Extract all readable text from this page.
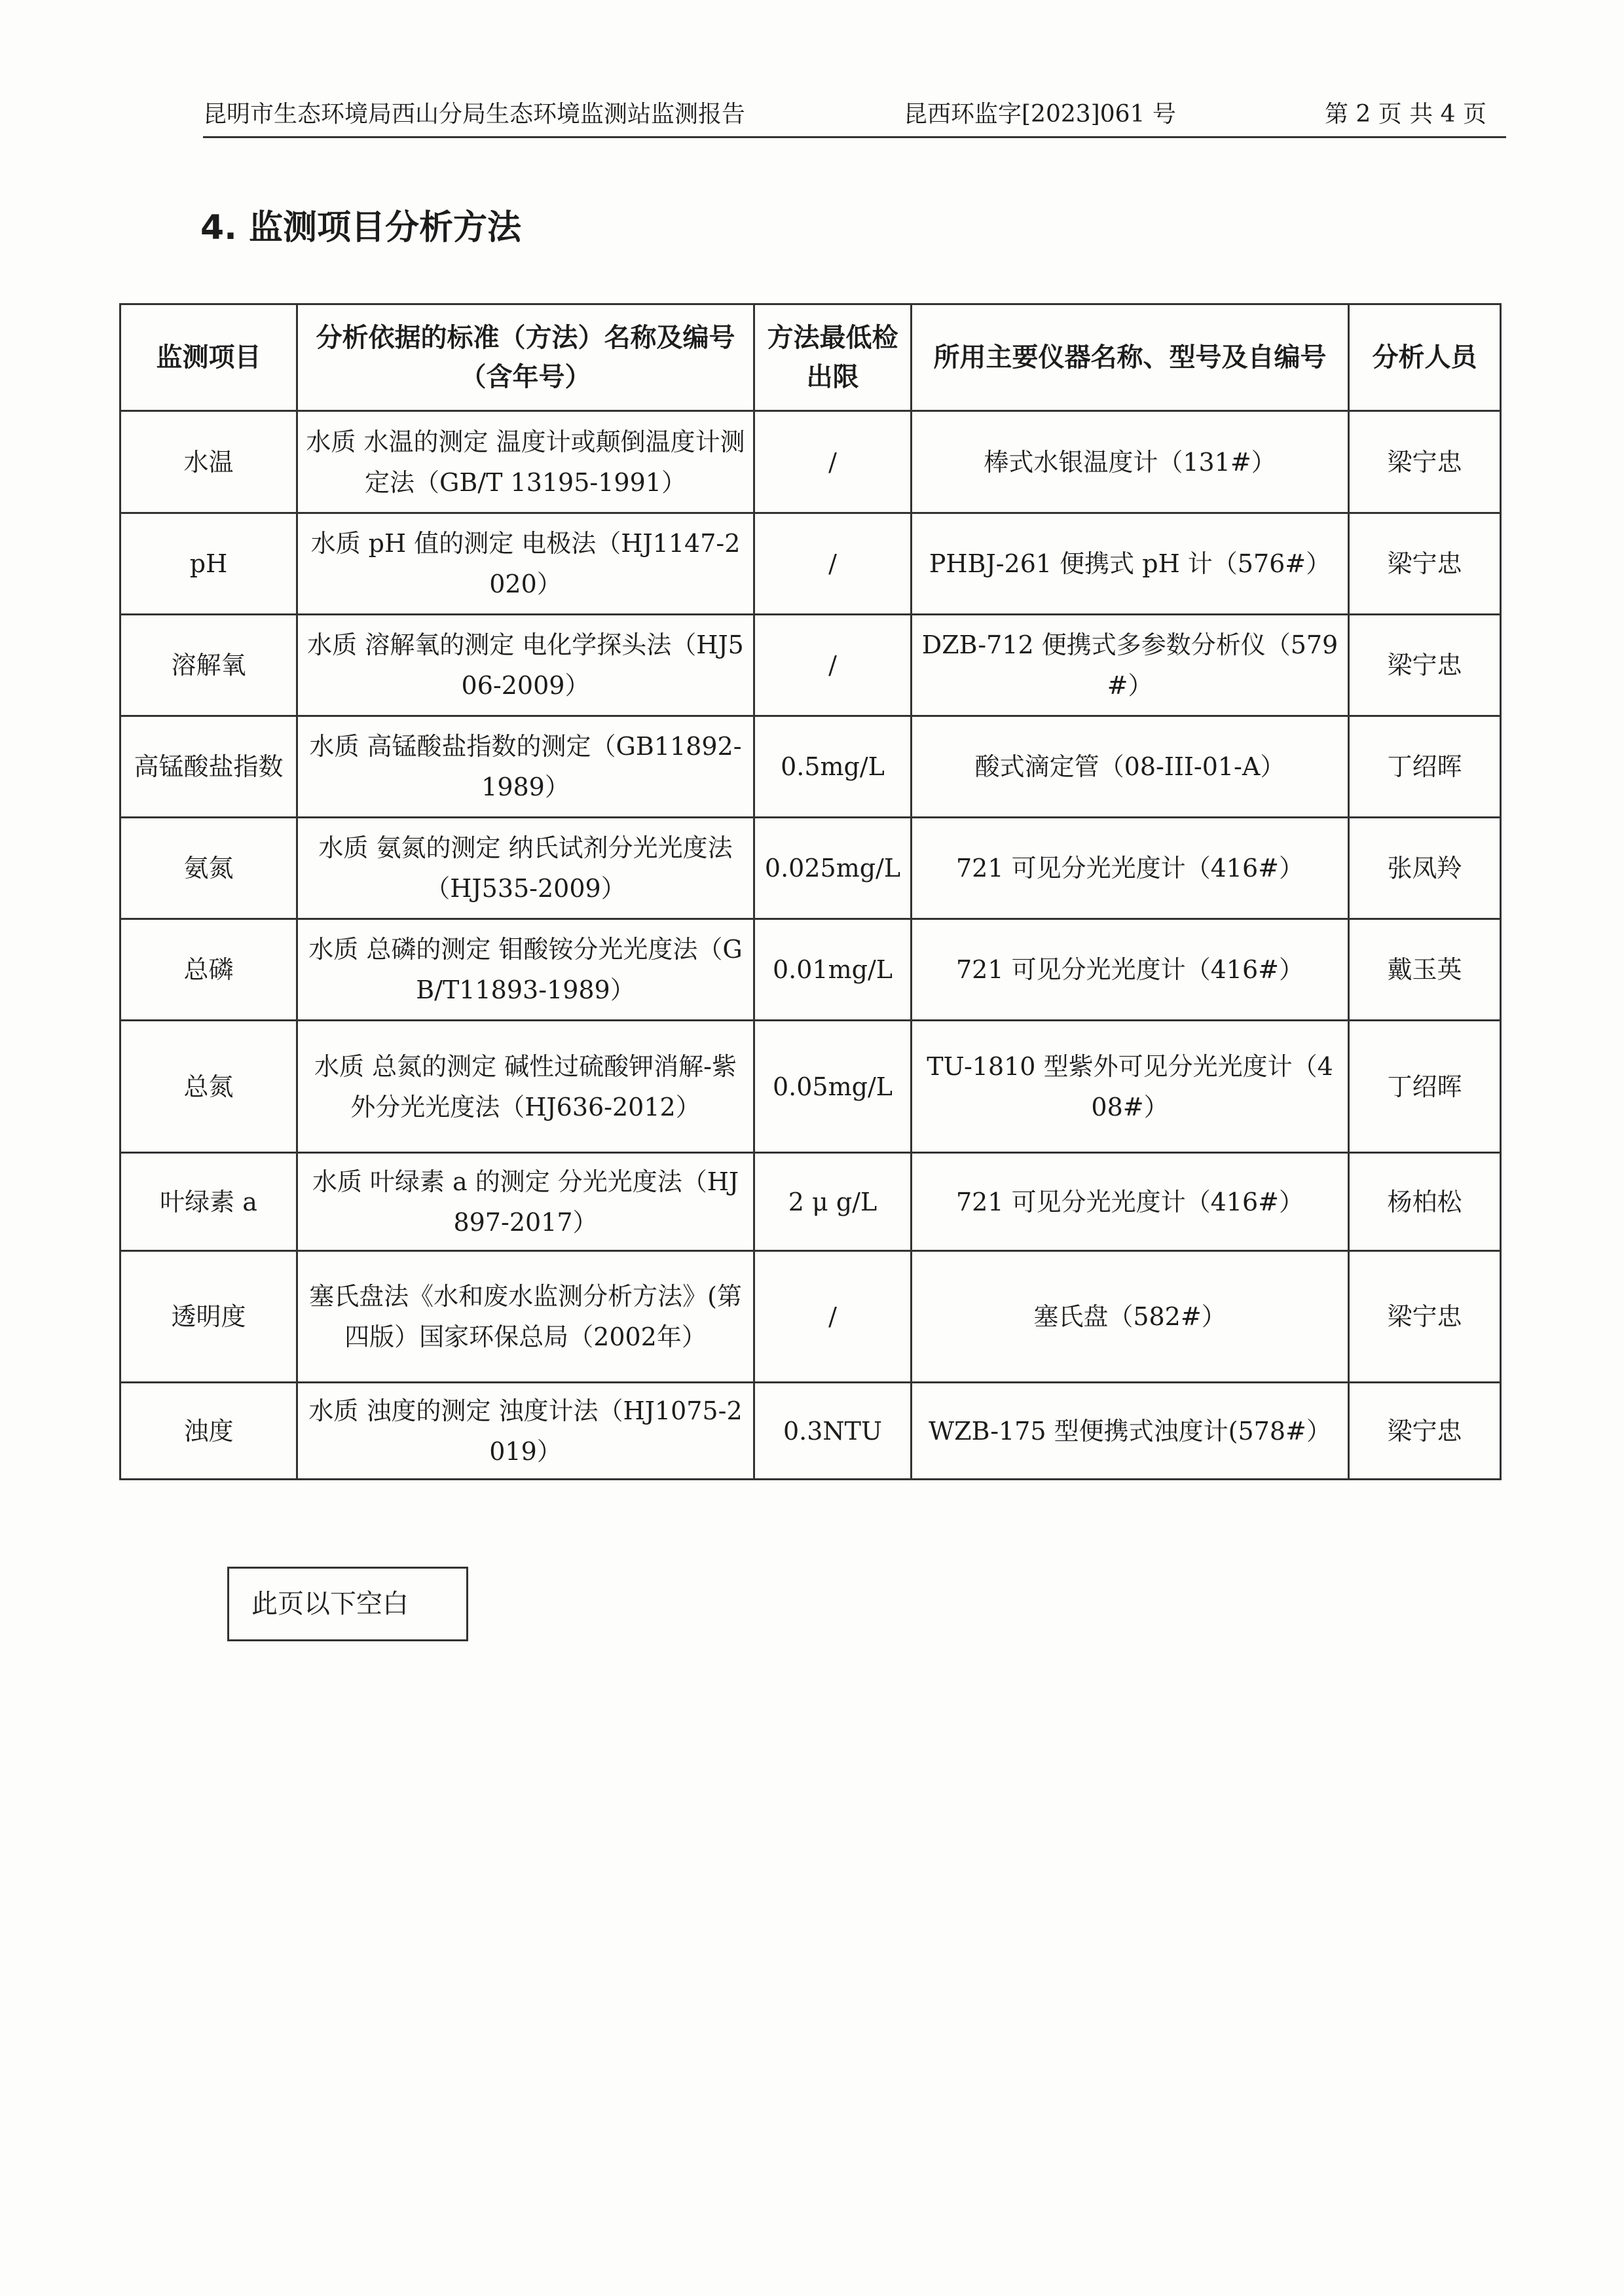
昆明市生态环境局西山分局生态环境监测站监测报告	昆西环监字[2023]061 号	第 2 页 共 4 页
4. 监测项目分析方法
监测项目	分析依据的标准（方法）名称及编号（含年号）	方法最低检出限	所用主要仪器名称、型号及自编号	分析人员
水温	水质 水温的测定 温度计或颠倒温度计测定法（GB/T 13195-1991）	/	棒式水银温度计（131#）	梁宁忠
pH	水质 pH 值的测定 电极法（HJ1147-2020）	/	PHBJ-261 便携式 pH 计（576#）	梁宁忠
溶解氧	水质 溶解氧的测定 电化学探头法（HJ506-2009）	/	DZB-712 便携式多参数分析仪（579#）	梁宁忠
高锰酸盐指数	水质 高锰酸盐指数的测定（GB11892-1989）	0.5mg/L	酸式滴定管（08-III-01-A）	丁绍晖
氨氮	水质 氨氮的测定 纳氏试剂分光光度法（HJ535-2009）	0.025mg/L	721 可见分光光度计（416#）	张凤羚
总磷	水质 总磷的测定 钼酸铵分光光度法（GB/T11893-1989）	0.01mg/L	721 可见分光光度计（416#）	戴玉英
总氮	水质 总氮的测定 碱性过硫酸钾消解-紫外分光光度法（HJ636-2012）	0.05mg/L	TU-1810 型紫外可见分光光度计（408#）	丁绍晖
叶绿素 a	水质 叶绿素 a 的测定 分光光度法（HJ897-2017）	2 μ g/L	721 可见分光光度计（416#）	杨柏松
透明度	塞氏盘法《水和废水监测分析方法》(第四版）国家环保总局（2002年）	/	塞氏盘（582#）	梁宁忠
浊度	水质 浊度的测定 浊度计法（HJ1075-2019）	0.3NTU	WZB-175 型便携式浊度计(578#）	梁宁忠
此页以下空白
